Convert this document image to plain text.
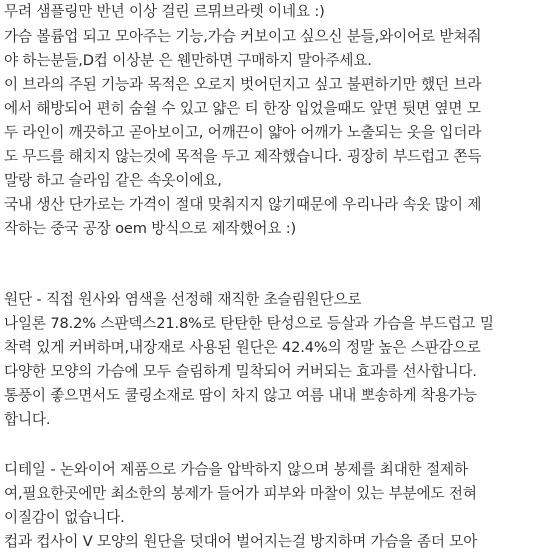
무려 샘플링만 반년 이상 걸린 르뮈브라렛 이네요 :)
가슴 볼륨업 되고 모아주는 기능,가슴 커보이고 싶으신 분들,와이어로 받쳐줘
야 하는분들,D컵 이상분 은 웬만하면 구매하지 말아주세요.
이 브라의 주된 기능과 목적은 오로지 벗어던지고 싶고 불편하기만 했던 브라
에서 해방되어 편히 숨쉴 수 있고 얇은 티 한장 입었을때도 앞면 뒷면 옆면 모
두 라인이 깨끗하고 곧아보이고, 어깨끈이 얇아 어깨가 노출되는 옷을 입더라
도 무드를 해치지 않는것에 목적을 두고 제작했습니다. 굉장히 부드럽고 쫀득
말랑 하고 슬라임 같은 속옷이에요,
국내 생산 단가로는 가격이 절대 맞춰지지 않기때문에 우리나라 속옷 많이 제
작하는 중국 공장 oem 방식으로 제작했어요 :)
원단 - 직접 원사와 염색을 선정해 재직한 초슬림원단으로
나일론 78.2% 스판덱스21.8%로 탄탄한 탄성으로 등살과 가슴을 부드럽고 밀
착력 있게 커버하며,내장재로 사용된 원단은 42.4%의 정말 높은 스판감으로
다양한 모양의 가슴에 모두 슬림하게 밀착되어 커버되는 효과를 선사합니다.
통풍이 좋으면서도 쿨링소재로 땀이 차지 않고 여름 내내 뽀송하게 착용가능
합니다.
디테일 - 논와이어 제품으로 가슴을 압박하지 않으며 봉제를 최대한 절제하
여,필요한곳에만 최소한의 봉제가 들어가 피부와 마찰이 있는 부분에도 전혀
이질감이 없습니다.
컵과 컵사이 V 모양의 원단을 덧대어 벌어지는걸 방지하며 가슴을 좀더 모아
